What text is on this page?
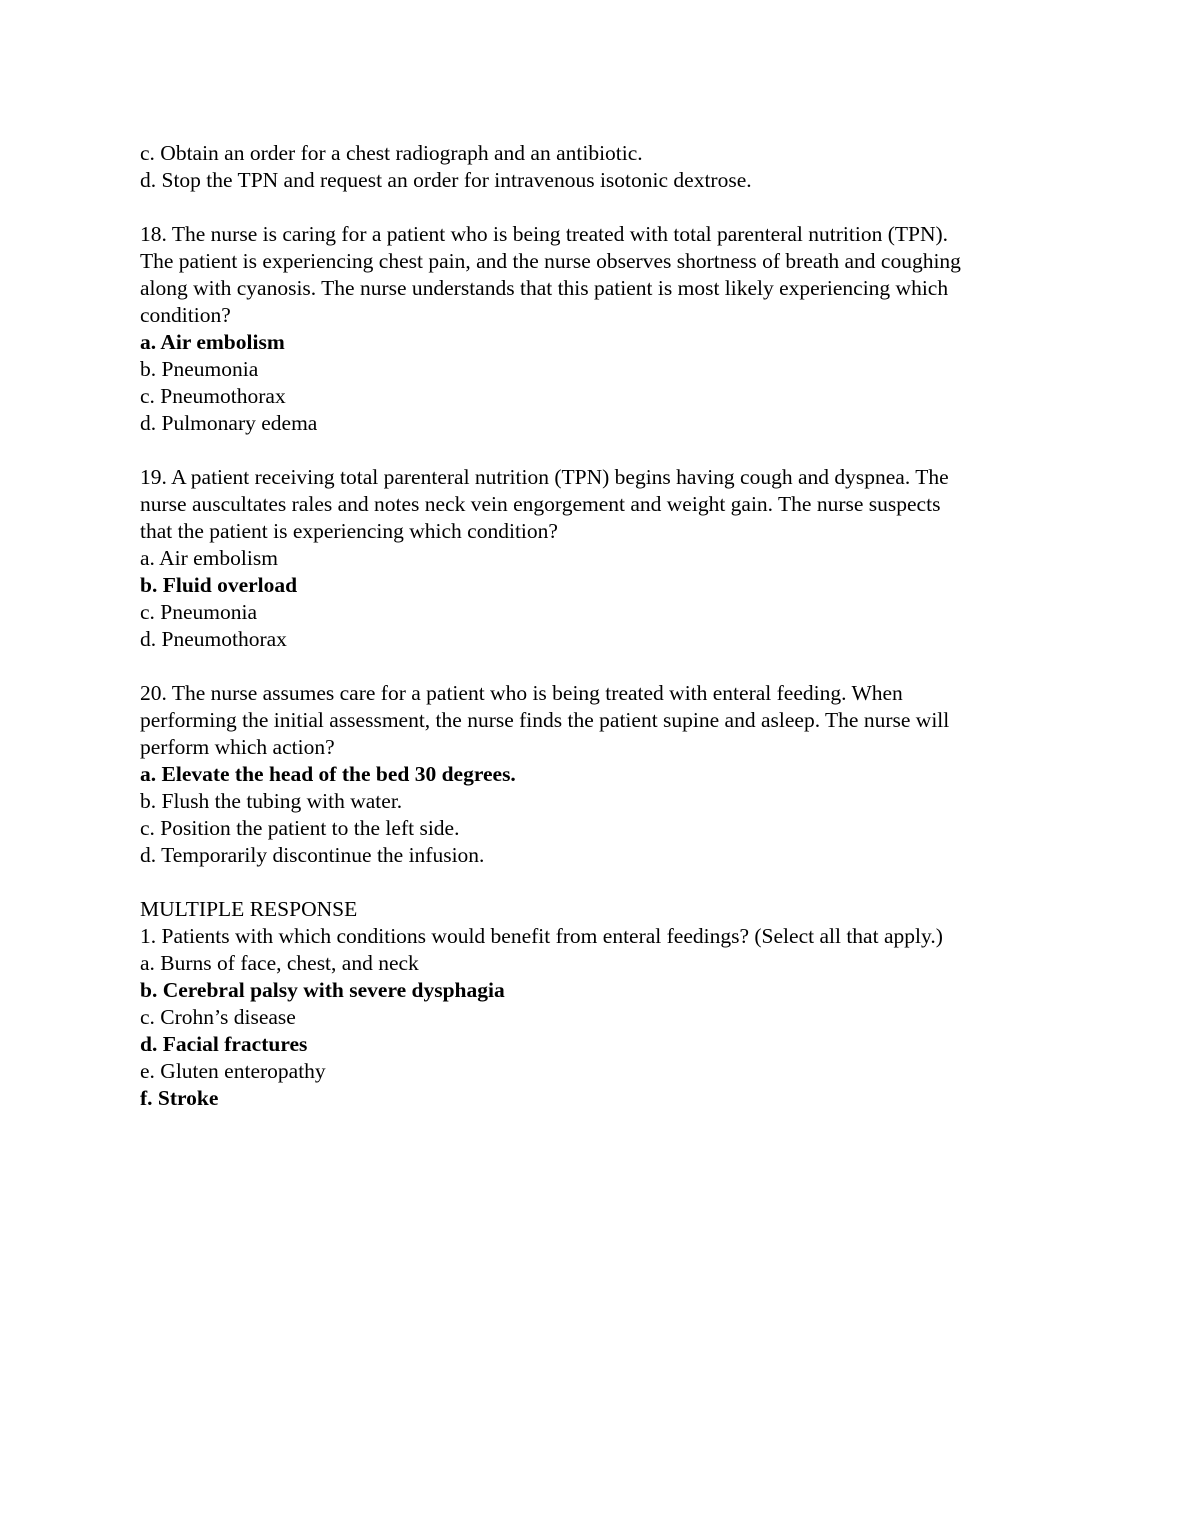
c. Obtain an order for a chest radiograph and an antibiotic.

d. Stop the TPN and request an order for intravenous isotonic dextrose.

18. The nurse is caring for a patient who is being treated with total parenteral nutrition (TPN).

The patient is experiencing chest pain, and the nurse observes shortness of breath and coughing

along with cyanosis. The nurse understands that this patient is most likely experiencing which

condition?

a. Air embolism

b. Pneumonia

c. Pneumothorax

d. Pulmonary edema

19. A patient receiving total parenteral nutrition (TPN) begins having cough and dyspnea. The

nurse auscultates rales and notes neck vein engorgement and weight gain. The nurse suspects

that the patient is experiencing which condition?

a. Air embolism

b. Fluid overload

c. Pneumonia

d. Pneumothorax

20. The nurse assumes care for a patient who is being treated with enteral feeding. When

performing the initial assessment, the nurse finds the patient supine and asleep. The nurse will

perform which action?

a. Elevate the head of the bed 30 degrees.

b. Flush the tubing with water.

c. Position the patient to the left side.

d. Temporarily discontinue the infusion.

MULTIPLE RESPONSE

1. Patients with which conditions would benefit from enteral feedings? (Select all that apply.)

a. Burns of face, chest, and neck

b. Cerebral palsy with severe dysphagia

c. Crohn’s disease

d. Facial fractures

e. Gluten enteropathy

f. Stroke
